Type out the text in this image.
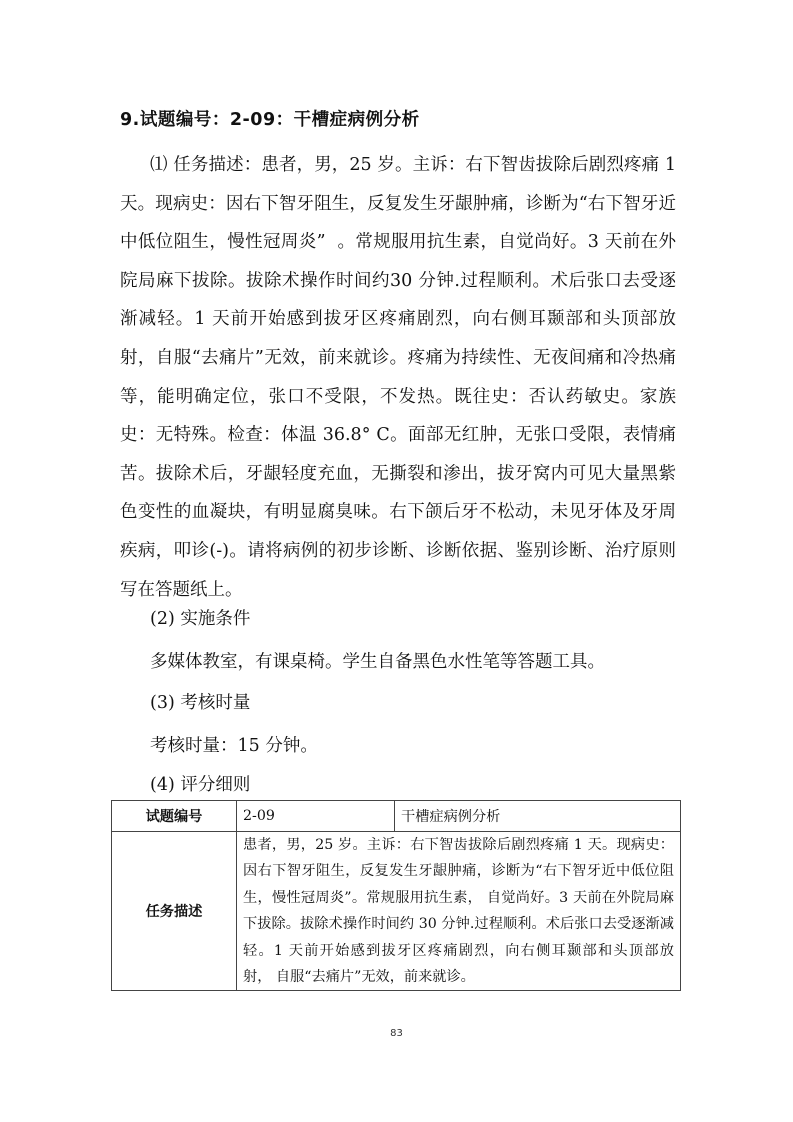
9.试题编号：2-09：干槽症病例分析

⑴ 任务描述：患者，男，25 岁。主诉：右下智齿拔除后剧烈疼痛 1 天。现病史：因右下智牙阻生，反复发生牙龈肿痛，诊断为“右下智牙近中低位阻生，慢性冠周炎”  。常规服用抗生素，自觉尚好。3 天前在外院局麻下拔除。拔除术操作时间约30 分钟.过程顺利。术后张口去受逐渐减轻。1 天前开始感到拔牙区疼痛剧烈，向右侧耳颞部和头顶部放射，自服“去痛片”无效，前来就诊。疼痛为持续性、无夜间痛和冷热痛等，能明确定位，张口不受限，不发热。既往史：否认药敏史。家族史：无特殊。检查：体温 36.8° C。面部无红肿，无张口受限，表情痛苦。拔除术后，牙龈轻度充血，无撕裂和渗出，拔牙窝内可见大量黑紫色变性的血凝块，有明显腐臭味。右下颌后牙不松动，未见牙体及牙周疾病，叩诊(-)。请将病例的初步诊断、诊断依据、鉴别诊断、治疗原则写在答题纸上。

(2) 实施条件
多媒体教室，有课桌椅。学生自备黑色水性笔等答题工具。
(3) 考核时量
考核时量：15 分钟。
(4) 评分细则
试题编号	2-09	干槽症病例分析
任务描述	患者，男，25 岁。主诉：右下智齿拔除后剧烈疼痛 1 天。现病史：因右下智牙阻生，反复发生牙龈肿痛，诊断为“右下智牙近中低位阻生，慢性冠周炎”。常规服用抗生素， 自觉尚好。3 天前在外院局麻下拔除。拔除术操作时间约 30 分钟.过程顺利。术后张口去受逐渐减轻。1 天前开始感到拔牙区疼痛剧烈，向右侧耳颞部和头顶部放射， 自服“去痛片”无效，前来就诊。	
83
